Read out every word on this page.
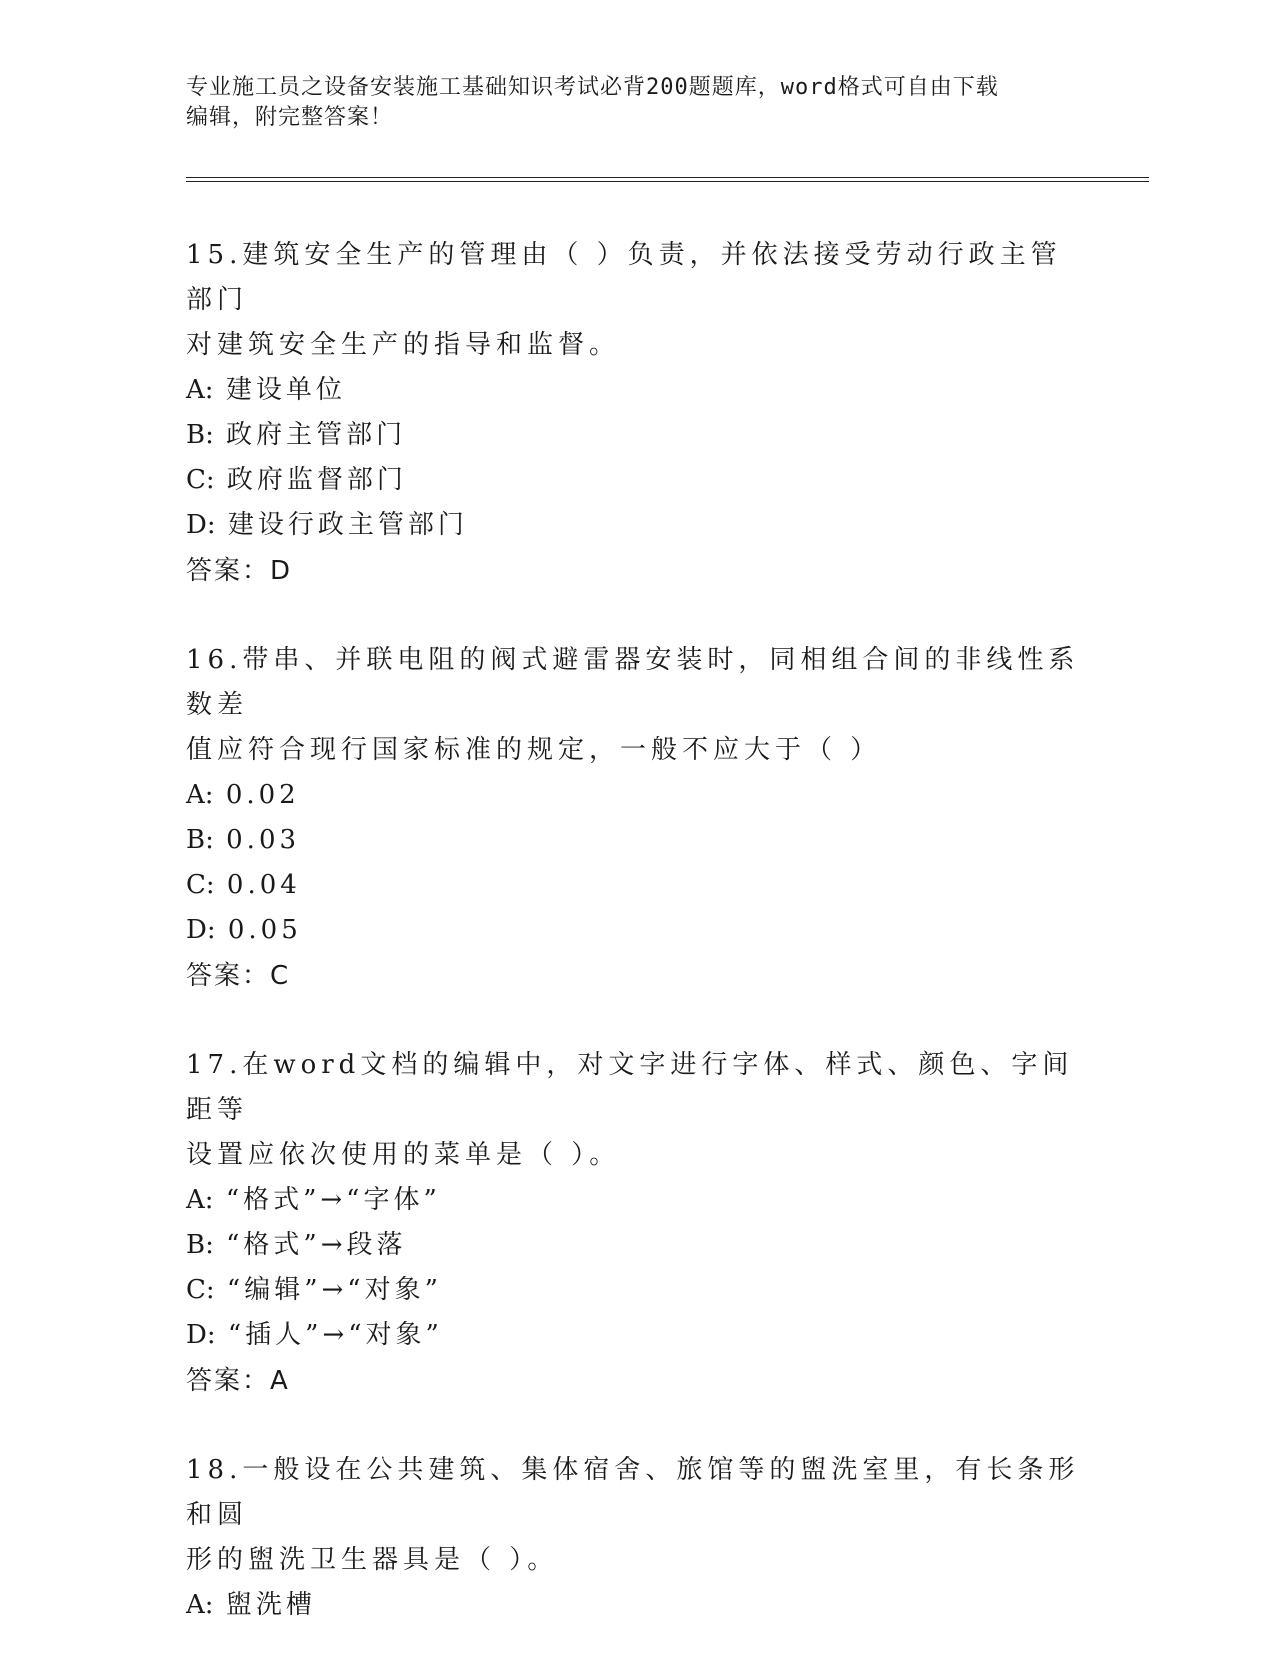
专业施工员之设备安装施工基础知识考试必背200题题库，word格式可自由下载
编辑，附完整答案！

15.建筑安全生产的管理由（ ）负责，并依法接受劳动行政主管部门

对建筑安全生产的指导和监督。

A: 建设单位

B: 政府主管部门

C: 政府监督部门

D: 建设行政主管部门

答案：D

16.带串、并联电阻的阀式避雷器安装时，同相组合间的非线性系数差

值应符合现行国家标准的规定，一般不应大于（ ）

A: 0.02

B: 0.03

C: 0.04

D: 0.05

答案：C

17.在word文档的编辑中，对文字进行字体、样式、颜色、字间距等

设置应依次使用的菜单是（ ）。

A: “格式”→“字体”

B: “格式”→段落

C: “编辑”→“对象”

D: “插人”→“对象”

答案：A

18.一般设在公共建筑、集体宿舍、旅馆等的盥洗室里，有长条形和圆

形的盥洗卫生器具是（ ）。

A: 盥洗槽
